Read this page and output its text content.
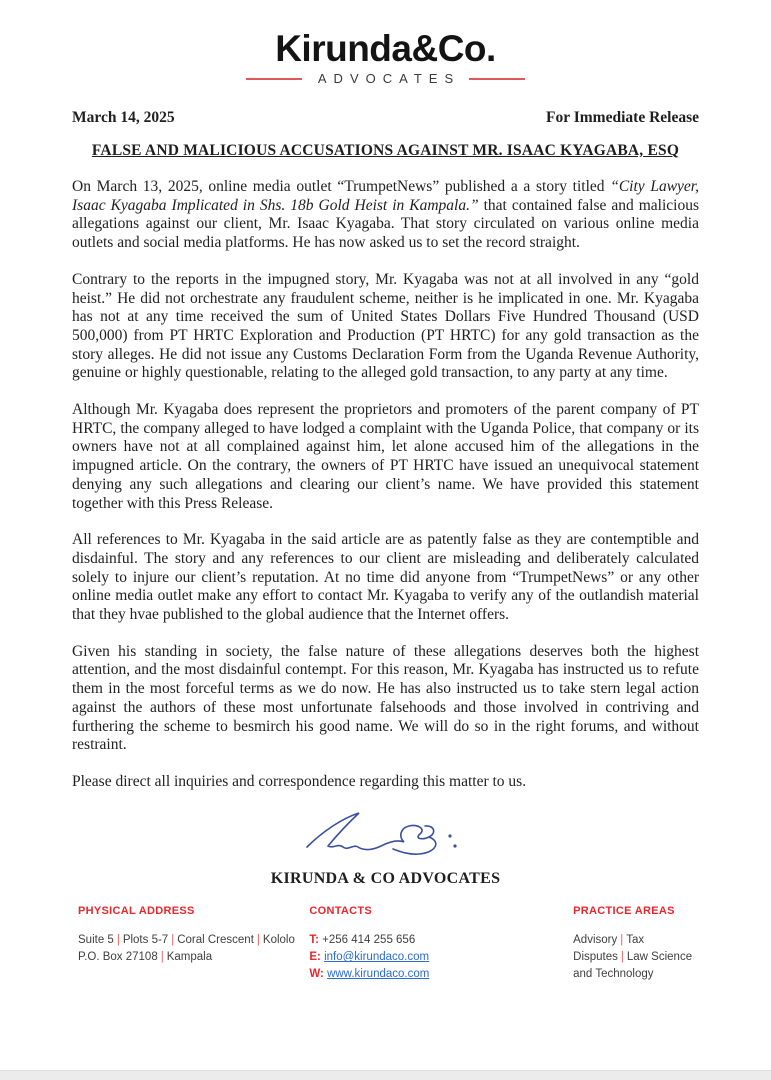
Kirunda&Co.
ADVOCATES
March 14, 2025	For Immediate Release
FALSE AND MALICIOUS ACCUSATIONS AGAINST MR. ISAAC KYAGABA, ESQ

On March 13, 2025, online media outlet “TrumpetNews” published a a story titled “City Lawyer, Isaac Kyagaba Implicated in Shs. 18b Gold Heist in Kampala.” that contained false and malicious allegations against our client, Mr. Isaac Kyagaba. That story circulated on various online media outlets and social media platforms. He has now asked us to set the record straight.

Contrary to the reports in the impugned story, Mr. Kyagaba was not at all involved in any “gold heist.” He did not orchestrate any fraudulent scheme, neither is he implicated in one. Mr. Kyagaba has not at any time received the sum of United States Dollars Five Hundred Thousand (USD 500,000) from PT HRTC Exploration and Production (PT HRTC) for any gold transaction as the story alleges. He did not issue any Customs Declaration Form from the Uganda Revenue Authority, genuine or highly questionable, relating to the alleged gold transaction, to any party at any time.

Although Mr. Kyagaba does represent the proprietors and promoters of the parent company of PT HRTC, the company alleged to have lodged a complaint with the Uganda Police, that company or its owners have not at all complained against him, let alone accused him of the allegations in the impugned article. On the contrary, the owners of PT HRTC have issued an unequivocal statement denying any such allegations and clearing our client’s name. We have provided this statement together with this Press Release.

All references to Mr. Kyagaba in the said article are as patently false as they are contemptible and disdainful. The story and any references to our client are misleading and deliberately calculated solely to injure our client’s reputation. At no time did anyone from “TrumpetNews” or any other online media outlet make any effort to contact Mr. Kyagaba to verify any of the outlandish material that they hvae published to the global audience that the Internet offers.

Given his standing in society, the false nature of these allegations deserves both the highest attention, and the most disdainful contempt. For this reason, Mr. Kyagaba has instructed us to refute them in the most forceful terms as we do now. He has also instructed us to take stern legal action against the authors of these most unfortunate falsehoods and those involved in contriving and furthering the scheme to besmirch his good name. We will do so in the right forums, and without restraint.

Please direct all inquiries and correspondence regarding this matter to us.

KIRUNDA & CO ADVOCATES
PHYSICAL ADDRESS
Suite 5 | Plots 5-7 | Coral Crescent | Kololo
P.O. Box 27108 | Kampala
CONTACTS
T: +256 414 255 656
E: info@kirundaco.com
W: www.kirundaco.com
PRACTICE AREAS
Advisory | Tax
Disputes | Law Science and Technology
